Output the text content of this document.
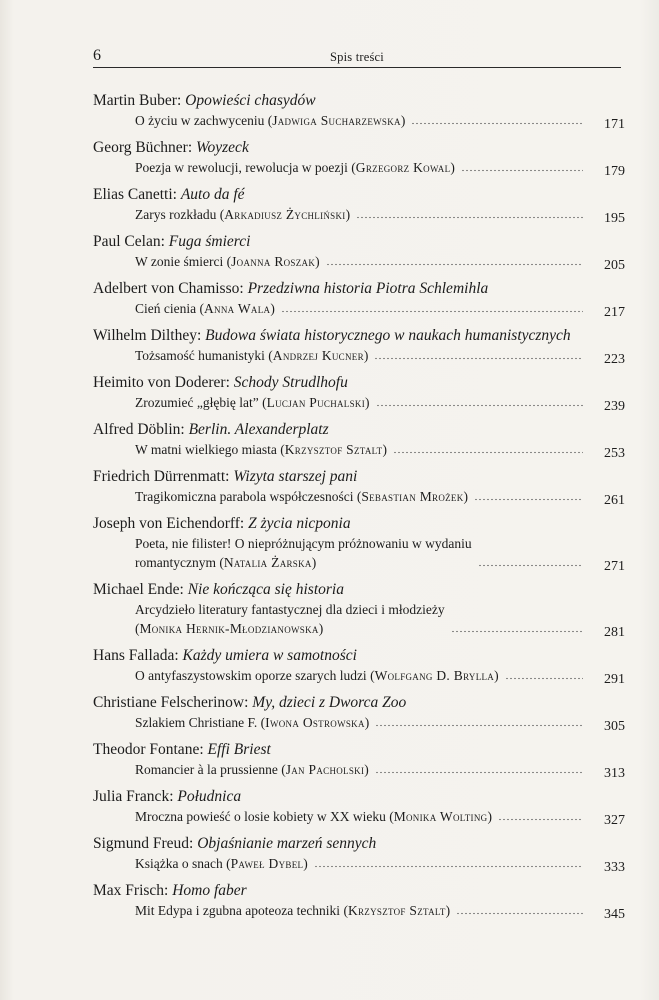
6	Spis treści
Martin Buber: Opowieści chasydów
O życiu w zachwyceniu (Jadwiga Sucharzewska)	171
Georg Büchner: Woyzeck
Poezja w rewolucji, rewolucja w poezji (Grzegorz Kowal)	179
Elias Canetti: Auto da fé
Zarys rozkładu (Arkadiusz Żychliński)	195
Paul Celan: Fuga śmierci
W zonie śmierci (Joanna Roszak)	205
Adelbert von Chamisso: Przedziwna historia Piotra Schlemihla
Cień cienia (Anna Wala)	217
Wilhelm Dilthey: Budowa świata historycznego w naukach humanistycznych
Tożsamość humanistyki (Andrzej Kucner)	223
Heimito von Doderer: Schody Strudlhofu
Zrozumieć „głębię lat” (Lucjan Puchalski)	239
Alfred Döblin: Berlin. Alexanderplatz
W matni wielkiego miasta (Krzysztof Sztalt)	253
Friedrich Dürrenmatt: Wizyta starszej pani
Tragikomiczna parabola współczesności (Sebastian Mrożek)	261
Joseph von Eichendorff: Z życia nicponia
Poeta, nie filister! O niepróżnującym próżnowaniu w wydaniu
romantycznym (Natalia Żarska)	271
Michael Ende: Nie kończąca się historia
Arcydzieło literatury fantastycznej dla dzieci i młodzieży
(Monika Hernik-Młodzianowska)	281
Hans Fallada: Każdy umiera w samotności
O antyfaszystowskim oporze szarych ludzi (Wolfgang D. Brylla)	291
Christiane Felscherinow: My, dzieci z Dworca Zoo
Szlakiem Christiane F. (Iwona Ostrowska)	305
Theodor Fontane: Effi Briest
Romancier à la prussienne (Jan Pacholski)	313
Julia Franck: Południca
Mroczna powieść o losie kobiety w XX wieku (Monika Wolting)	327
Sigmund Freud: Objaśnianie marzeń sennych
Książka o snach (Paweł Dybel)	333
Max Frisch: Homo faber
Mit Edypa i zgubna apoteoza techniki (Krzysztof Sztalt)	345
